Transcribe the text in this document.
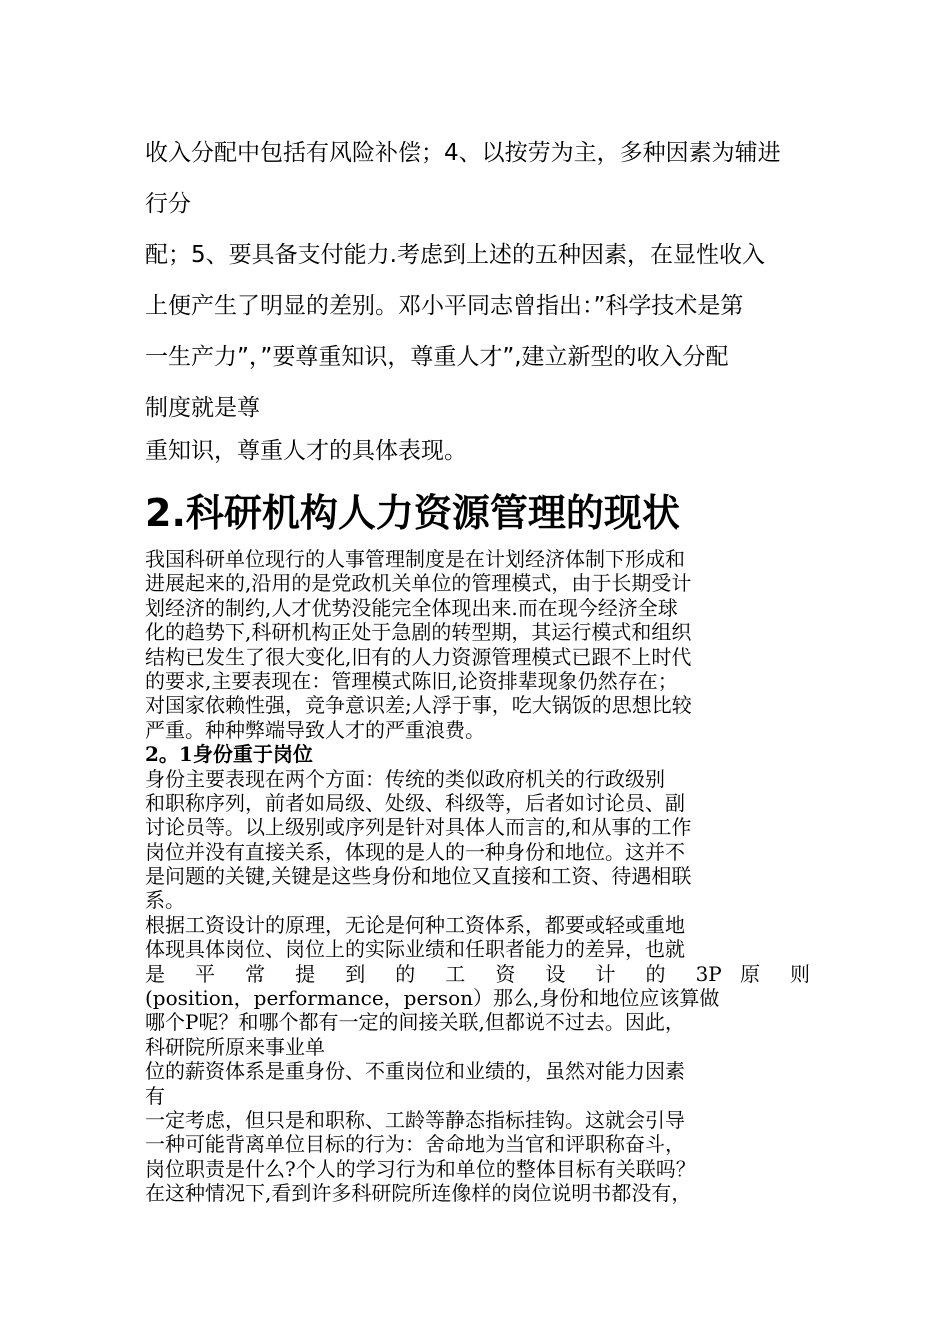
收入分配中包括有风险补偿；4、以按劳为主，多种因素为辅进
行分
配；5、要具备支付能力.考虑到上述的五种因素，在显性收入
上便产生了明显的差别。邓小平同志曾指出：”科学技术是第
一生产力”，”要尊重知识，尊重人才”,建立新型的收入分配
制度就是尊
重知识，尊重人才的具体表现。
2.科研机构人力资源管理的现状
我国科研单位现行的人事管理制度是在计划经济体制下形成和
进展起来的,沿用的是党政机关单位的管理模式，由于长期受计
划经济的制约,人才优势没能完全体现出来.而在现今经济全球
化的趋势下,科研机构正处于急剧的转型期，其运行模式和组织
结构已发生了很大变化,旧有的人力资源管理模式已跟不上时代
的要求,主要表现在：管理模式陈旧,论资排辈现象仍然存在；
对国家依赖性强，竞争意识差;人浮于事，吃大锅饭的思想比较
严重。种种弊端导致人才的严重浪费。
2。1身份重于岗位
身份主要表现在两个方面：传统的类似政府机关的行政级别
和职称序列，前者如局级、处级、科级等，后者如讨论员、副
讨论员等。以上级别或序列是针对具体人而言的,和从事的工作
岗位并没有直接关系，体现的是人的一种身份和地位。这并不
是问题的关键,关键是这些身份和地位又直接和工资、待遇相联
系。
根据工资设计的原理，无论是何种工资体系，都要或轻或重地
体现具体岗位、岗位上的实际业绩和任职者能力的差异，也就
是 平 常 提 到 的 工 资 设 计 的 3P 原 则
(position，performance，person）那么,身份和地位应该算做
哪个P呢？和哪个都有一定的间接关联,但都说不过去。因此，
科研院所原来事业单
位的薪资体系是重身份、不重岗位和业绩的，虽然对能力因素
有
一定考虑，但只是和职称、工龄等静态指标挂钩。这就会引导
一种可能背离单位目标的行为：舍命地为当官和评职称奋斗，
岗位职责是什么?个人的学习行为和单位的整体目标有关联吗？
在这种情况下,看到许多科研院所连像样的岗位说明书都没有，
